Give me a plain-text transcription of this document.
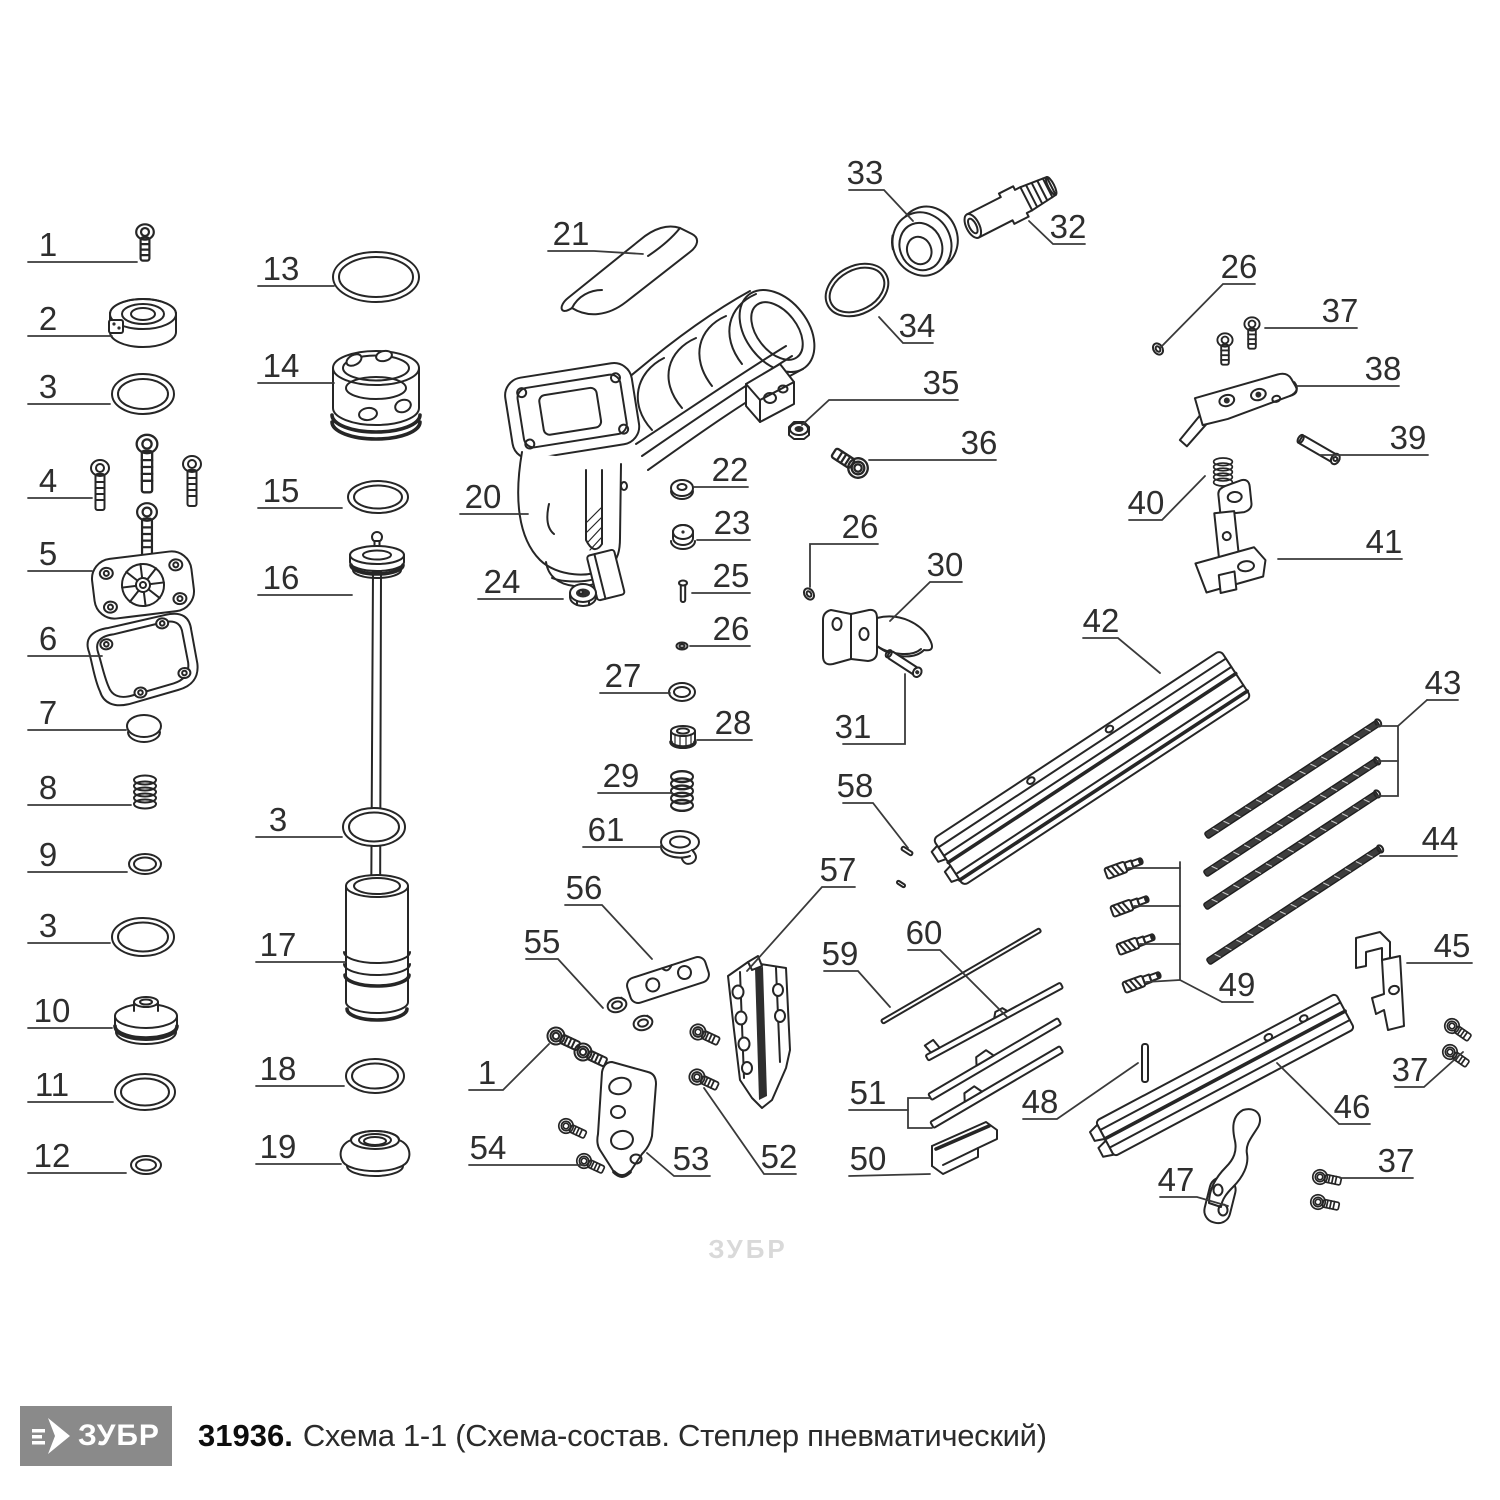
1
2
3
4
5
6
7
8
9
3
10
11
12
13
14
15
16
3
17
18
19
21
20
24
22
23
25
26
27
28
29
61
33
32
34
35
36
26
30
31
58
26
37
38
39
40
41
42
43
44
45
46
37
47
37
49
48
50
51
59
60
52
53
54
1
55
56	57
ЗУБР
ЗУБР 31936. Схема 1-1 (Схема-состав. Степлер пневматический)
